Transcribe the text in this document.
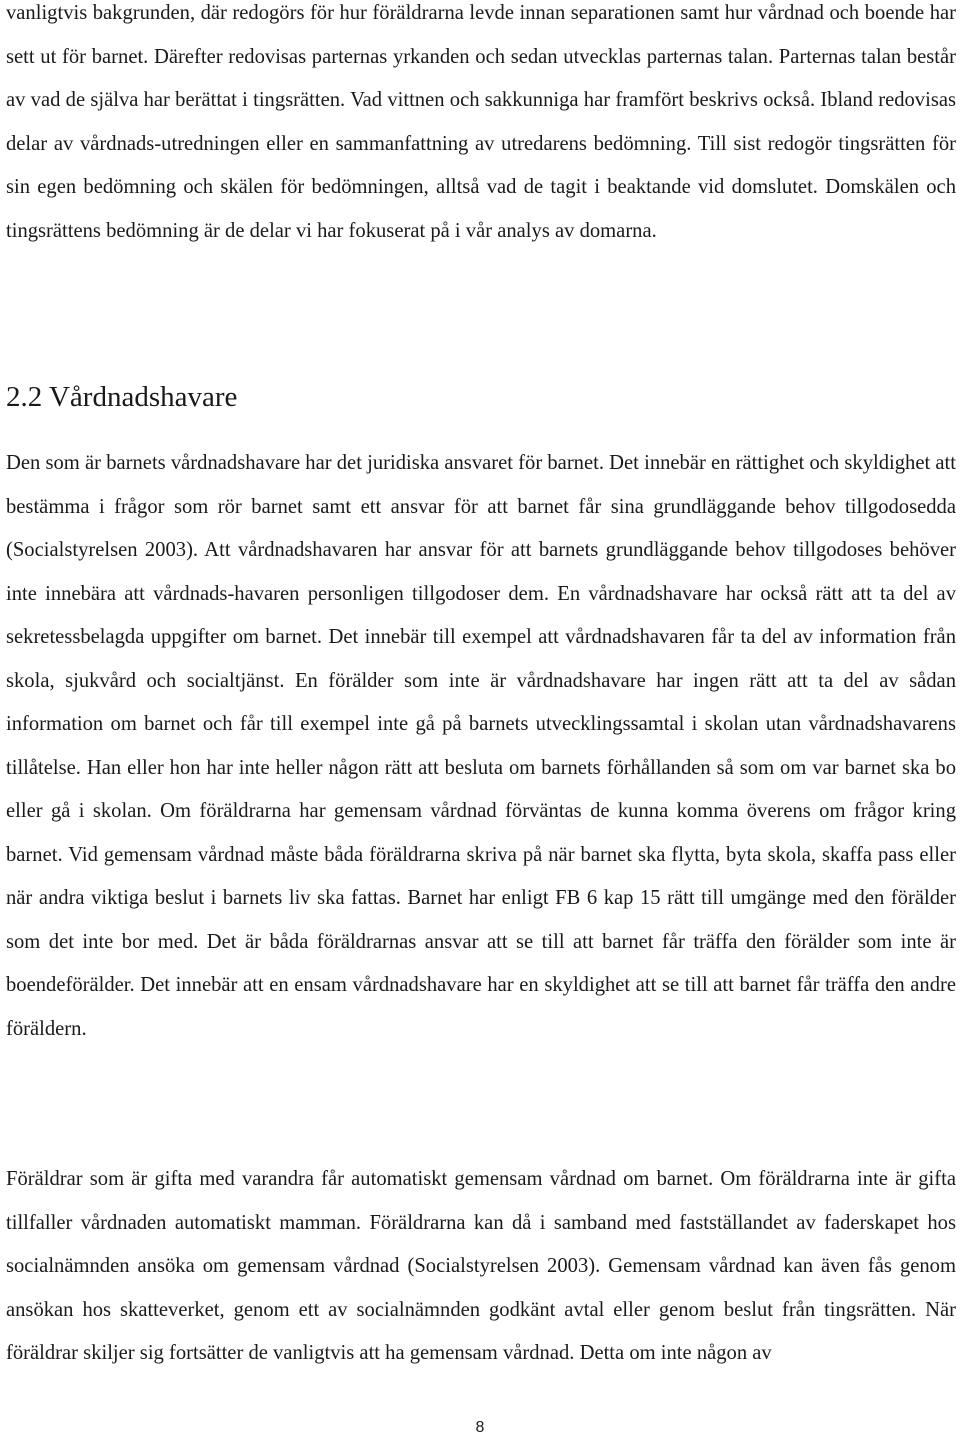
vanligtvis bakgrunden, där redogörs för hur föräldrarna levde innan separationen samt hur vårdnad och boende har sett ut för barnet. Därefter redovisas parternas yrkanden och sedan utvecklas parternas talan. Parternas talan består av vad de själva har berättat i tingsrätten. Vad vittnen och sakkunniga har framfört beskrivs också. Ibland redovisas delar av vårdnads-utredningen eller en sammanfattning av utredarens bedömning. Till sist redogör tingsrätten för sin egen bedömning och skälen för bedömningen, alltså vad de tagit i beaktande vid domslutet. Domskälen och tingsrättens bedömning är de delar vi har fokuserat på i vår analys av domarna.

2.2 Vårdnadshavare

Den som är barnets vårdnadshavare har det juridiska ansvaret för barnet. Det innebär en rättighet och skyldighet att bestämma i frågor som rör barnet samt ett ansvar för att barnet får sina grundläggande behov tillgodosedda (Socialstyrelsen 2003). Att vårdnadshavaren har ansvar för att barnets grundläggande behov tillgodoses behöver inte innebära att vårdnads-havaren personligen tillgodoser dem. En vårdnadshavare har också rätt att ta del av sekretessbelagda uppgifter om barnet. Det innebär till exempel att vårdnadshavaren får ta del av information från skola, sjukvård och socialtjänst. En förälder som inte är vårdnadshavare har ingen rätt att ta del av sådan information om barnet och får till exempel inte gå på barnets utvecklingssamtal i skolan utan vårdnadshavarens tillåtelse. Han eller hon har inte heller någon rätt att besluta om barnets förhållanden så som om var barnet ska bo eller gå i skolan. Om föräldrarna har gemensam vårdnad förväntas de kunna komma överens om frågor kring barnet. Vid gemensam vårdnad måste båda föräldrarna skriva på när barnet ska flytta, byta skola, skaffa pass eller när andra viktiga beslut i barnets liv ska fattas. Barnet har enligt FB 6 kap 15 rätt till umgänge med den förälder som det inte bor med. Det är båda föräldrarnas ansvar att se till att barnet får träffa den förälder som inte är boendeförälder. Det innebär att en ensam vårdnadshavare har en skyldighet att se till att barnet får träffa den andre föräldern.

Föräldrar som är gifta med varandra får automatiskt gemensam vårdnad om barnet. Om föräldrarna inte är gifta tillfaller vårdnaden automatiskt mamman. Föräldrarna kan då i samband med fastställandet av faderskapet hos socialnämnden ansöka om gemensam vårdnad (Socialstyrelsen 2003). Gemensam vårdnad kan även fås genom ansökan hos skatteverket, genom ett av socialnämnden godkänt avtal eller genom beslut från tingsrätten. När föräldrar skiljer sig fortsätter de vanligtvis att ha gemensam vårdnad. Detta om inte någon av

8
